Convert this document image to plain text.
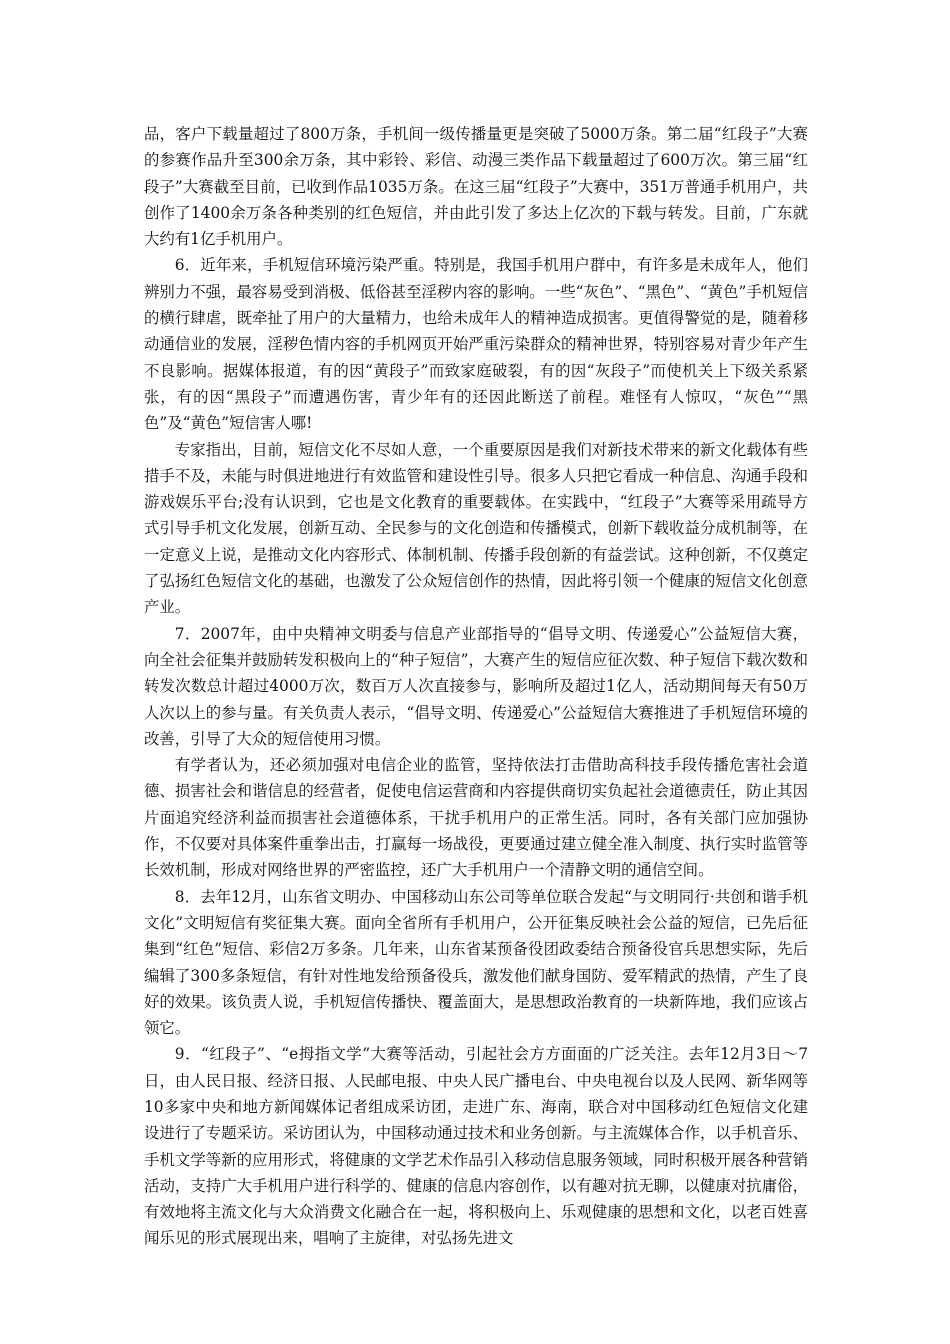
品，客户下载量超过了800万条，手机间一级传播量更是突破了5000万条。第二届“红段子”大赛的参赛作品升至300余万条，其中彩铃、彩信、动漫三类作品下载量超过了600万次。第三届“红段子”大赛截至目前，已收到作品1035万条。在这三届“红段子”大赛中，351万普通手机用户，共创作了1400余万条各种类别的红色短信，并由此引发了多达上亿次的下载与转发。目前，广东就大约有1亿手机用户。

6．近年来，手机短信环境污染严重。特别是，我国手机用户群中，有许多是未成年人，他们辨别力不强，最容易受到消极、低俗甚至淫秽内容的影响。一些“灰色”、“黑色”、“黄色”手机短信的横行肆虐，既牵扯了用户的大量精力，也给未成年人的精神造成损害。更值得警觉的是，随着移动通信业的发展，淫秽色情内容的手机网页开始严重污染群众的精神世界，特别容易对青少年产生不良影响。据媒体报道，有的因“黄段子”而致家庭破裂，有的因“灰段子”而使机关上下级关系紧张，有的因“黑段子”而遭遇伤害，青少年有的还因此断送了前程。难怪有人惊叹，“灰色”“黑色”及“黄色”短信害人哪!

专家指出，目前，短信文化不尽如人意，一个重要原因是我们对新技术带来的新文化载体有些措手不及，未能与时俱进地进行有效监管和建设性引导。很多人只把它看成一种信息、沟通手段和游戏娱乐平台;没有认识到，它也是文化教育的重要载体。在实践中，“红段子”大赛等采用疏导方式引导手机文化发展，创新互动、全民参与的文化创造和传播模式，创新下载收益分成机制等，在一定意义上说，是推动文化内容形式、体制机制、传播手段创新的有益尝试。这种创新，不仅奠定了弘扬红色短信文化的基础，也激发了公众短信创作的热情，因此将引领一个健康的短信文化创意产业。

7．2007年，由中央精神文明委与信息产业部指导的“倡导文明、传递爱心”公益短信大赛，向全社会征集并鼓励转发积极向上的“种子短信”，大赛产生的短信应征次数、种子短信下载次数和转发次数总计超过4000万次，数百万人次直接参与，影响所及超过1亿人，活动期间每天有50万人次以上的参与量。有关负责人表示，“倡导文明、传递爱心”公益短信大赛推进了手机短信环境的改善，引导了大众的短信使用习惯。

有学者认为，还必须加强对电信企业的监管，坚持依法打击借助高科技手段传播危害社会道德、损害社会和谐信息的经营者，促使电信运营商和内容提供商切实负起社会道德责任，防止其因片面追究经济利益而损害社会道德体系，干扰手机用户的正常生活。同时，各有关部门应加强协作，不仅要对具体案件重拳出击，打赢每一场战役，更要通过建立健全准入制度、执行实时监管等长效机制，形成对网络世界的严密监控，还广大手机用户一个清静文明的通信空间。

8．去年12月，山东省文明办、中国移动山东公司等单位联合发起“与文明同行·共创和谐手机文化”文明短信有奖征集大赛。面向全省所有手机用户，公开征集反映社会公益的短信，已先后征集到“红色”短信、彩信2万多条。几年来，山东省某预备役团政委结合预备役官兵思想实际，先后编辑了300多条短信，有针对性地发给预备役兵，激发他们献身国防、爱军精武的热情，产生了良好的效果。该负责人说，手机短信传播快、覆盖面大，是思想政治教育的一块新阵地，我们应该占领它。

9．“红段子”、“e拇指文学”大赛等活动，引起社会方方面面的广泛关注。去年12月3日～7日，由人民日报、经济日报、人民邮电报、中央人民广播电台、中央电视台以及人民网、新华网等10多家中央和地方新闻媒体记者组成采访团，走进广东、海南，联合对中国移动红色短信文化建设进行了专题采访。采访团认为，中国移动通过技术和业务创新。与主流媒体合作，以手机音乐、手机文学等新的应用形式，将健康的文学艺术作品引入移动信息服务领域，同时积极开展各种营销活动，支持广大手机用户进行科学的、健康的信息内容创作，以有趣对抗无聊，以健康对抗庸俗，有效地将主流文化与大众消费文化融合在一起，将积极向上、乐观健康的思想和文化，以老百姓喜闻乐见的形式展现出来，唱响了主旋律，对弘扬先进文
